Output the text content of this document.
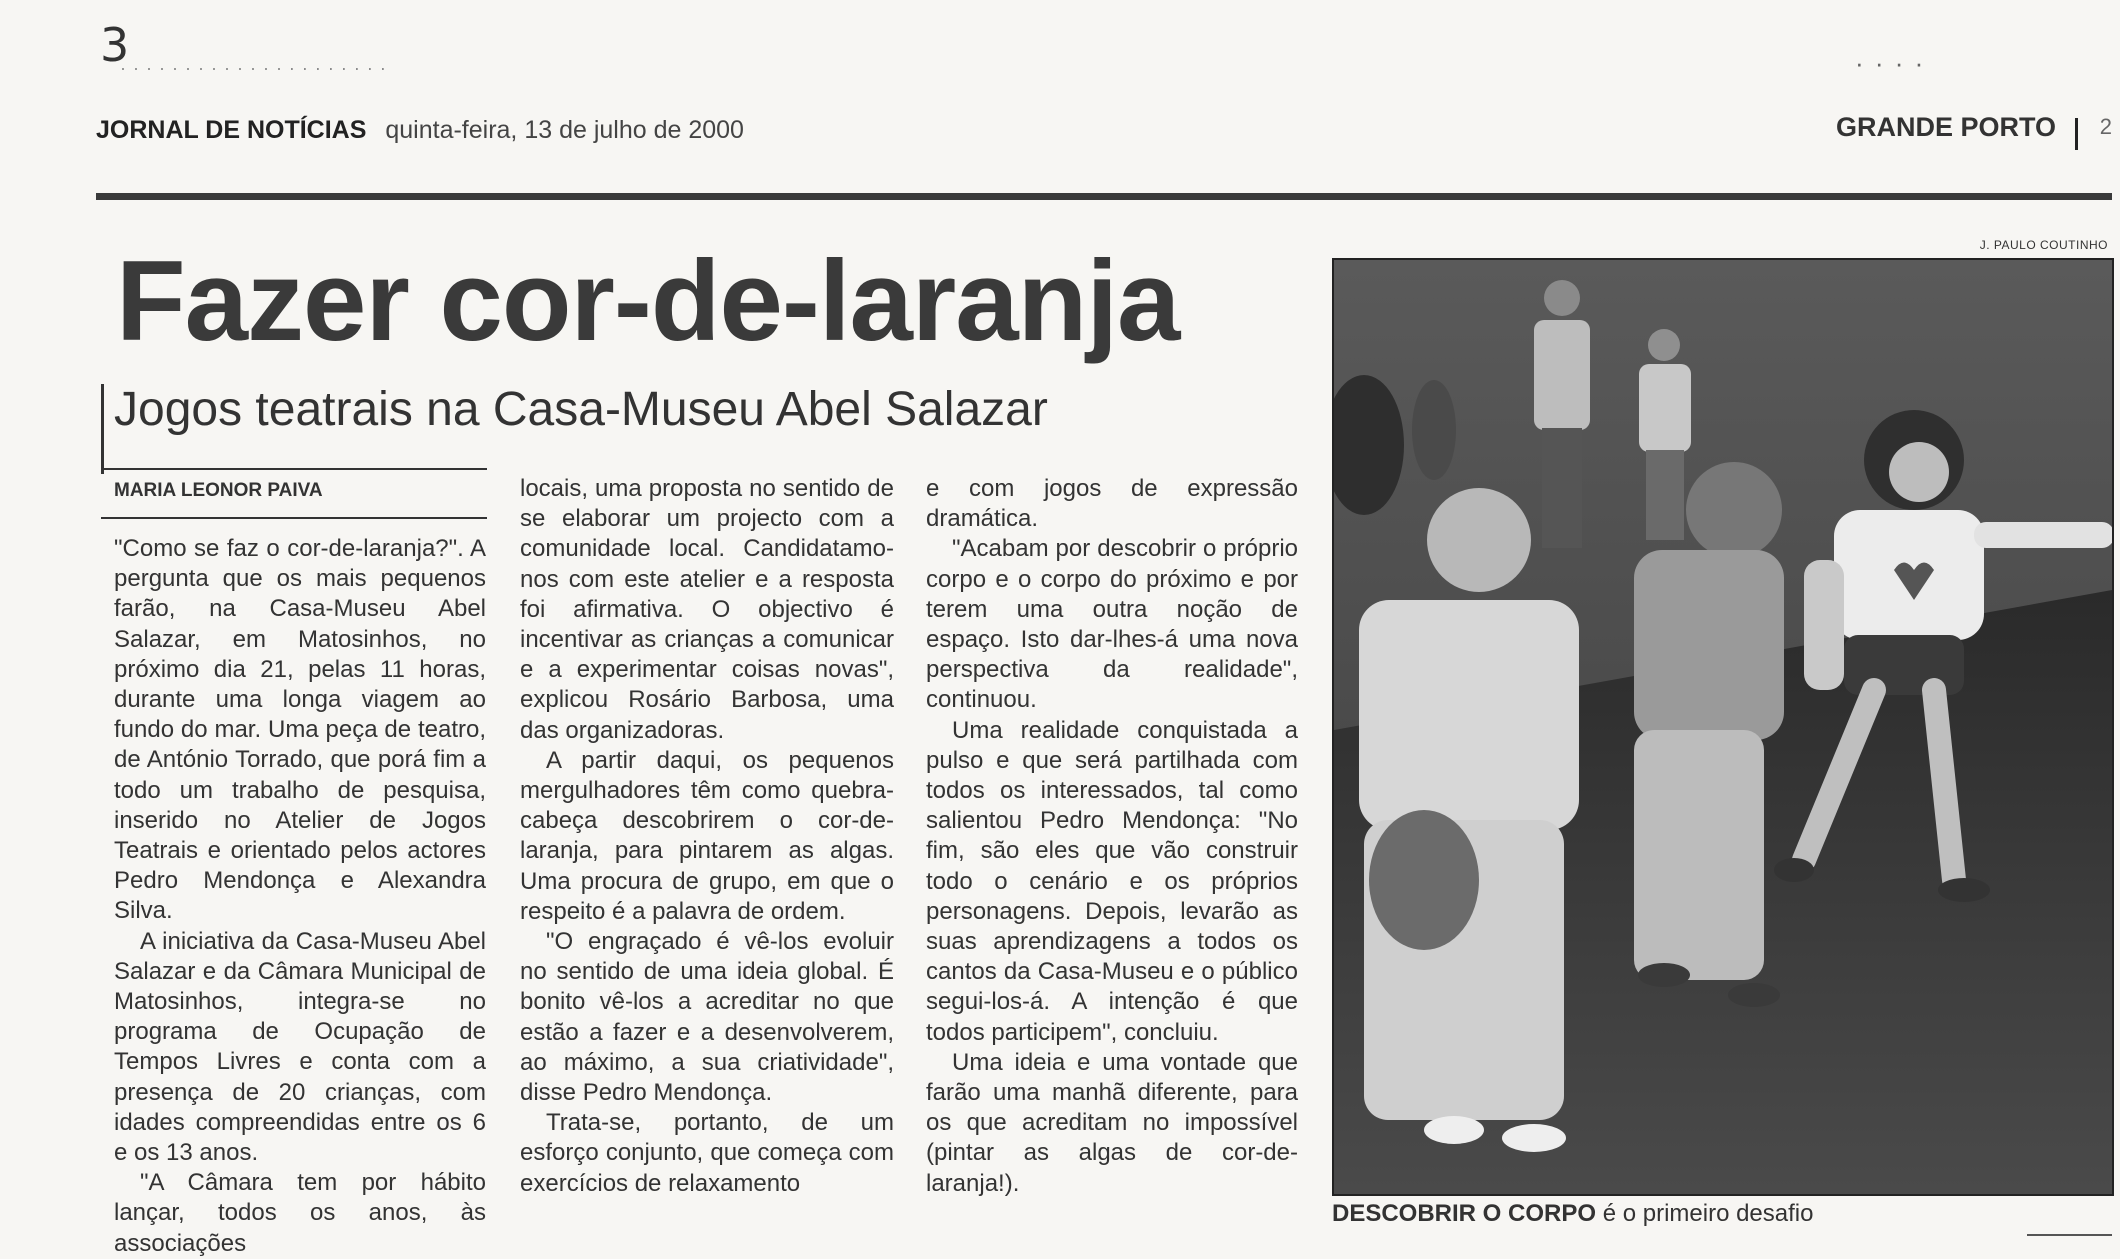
3
· · · · · · · · · · · · · · · · · · · · ·	· · · ·
JORNAL DE NOTÍCIAS quinta-feira, 13 de julho de 2000	GRANDE PORTO 2
Fazer cor-de-laranja
Jogos teatrais na Casa-Museu Abel Salazar
MARIA LEONOR PAIVA

"Como se faz o cor-de-laranja?". A pergunta que os mais pequenos farão, na Casa-Museu Abel Salazar, em Matosinhos, no próximo dia 21, pelas 11 horas, durante uma longa viagem ao fundo do mar. Uma peça de teatro, de António Torrado, que porá fim a todo um trabalho de pesquisa, inserido no Atelier de Jogos Teatrais e orientado pelos actores Pedro Mendonça e Alexandra Silva.

A iniciativa da Casa-Museu Abel Salazar e da Câmara Municipal de Matosinhos, integra-se no programa de Ocupação de Tempos Livres e conta com a presença de 20 crianças, com idades compreendidas entre os 6 e os 13 anos.

"A Câmara tem por hábito lançar, todos os anos, às associações

locais, uma proposta no sentido de se elaborar um projecto com a comunidade local. Candidatamo-nos com este atelier e a resposta foi afirmativa. O objectivo é incentivar as crianças a comunicar e a experimentar coisas novas", explicou Rosário Barbosa, uma das organizadoras.

A partir daqui, os pequenos mergulhadores têm como quebra-cabeça descobrirem o cor-de-laranja, para pintarem as algas. Uma procura de grupo, em que o respeito é a palavra de ordem.

"O engraçado é vê-los evoluir no sentido de uma ideia global. É bonito vê-los a acreditar no que estão a fazer e a desenvolverem, ao máximo, a sua criatividade", disse Pedro Mendonça.

Trata-se, portanto, de um esforço conjunto, que começa com exercícios de relaxamento

e com jogos de expressão dramática.

"Acabam por descobrir o próprio corpo e o corpo do próximo e por terem uma outra noção de espaço. Isto dar-lhes-á uma nova perspectiva da realidade", continuou.

Uma realidade conquistada a pulso e que será partilhada com todos os interessados, tal como salientou Pedro Mendonça: "No fim, são eles que vão construir todo o cenário e os próprios personagens. Depois, levarão as suas aprendizagens a todos os cantos da Casa-Museu e o público segui-los-á. A intenção é que todos participem", concluiu.

Uma ideia e uma vontade que farão uma manhã diferente, para os que acreditam no impossível (pintar as algas de cor-de-laranja!).

J. PAULO COUTINHO
DESCOBRIR O CORPO é o primeiro desafio
